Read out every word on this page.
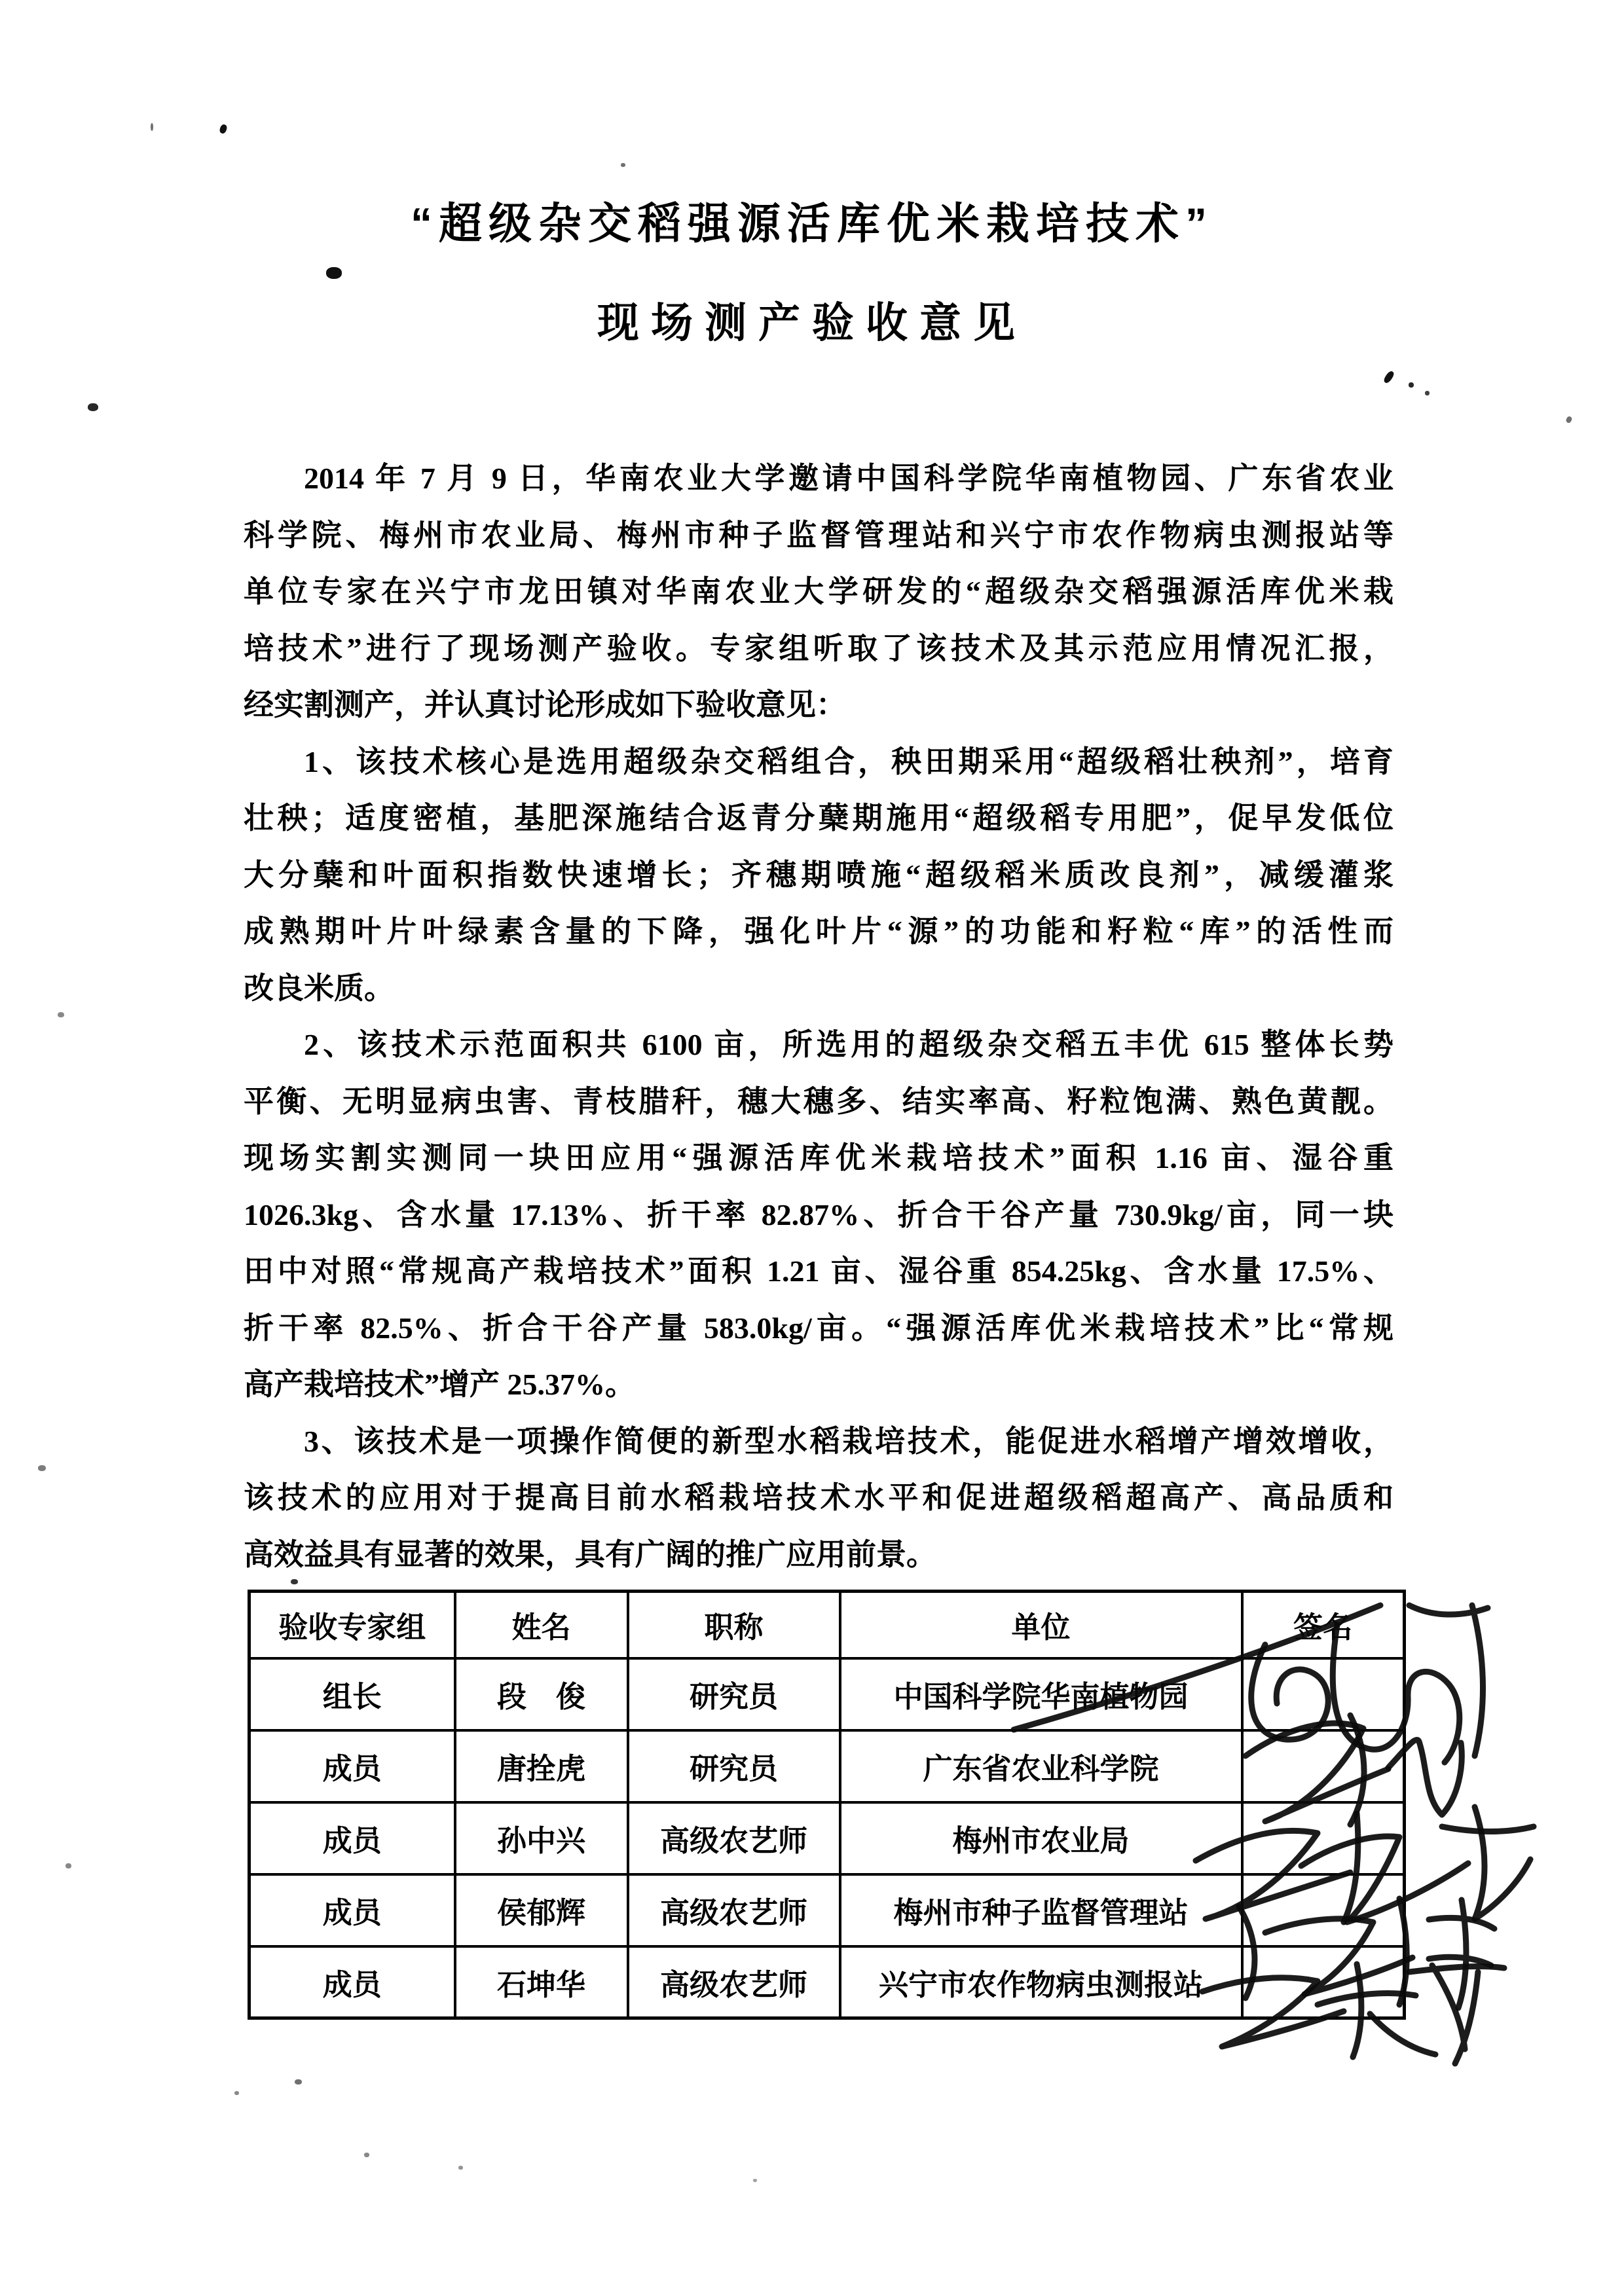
“超级杂交稻强源活库优米栽培技术”
现场测产验收意见
2014 年 7 月 9 日，华南农业大学邀请中国科学院华南植物园、广东省农业
科学院、梅州市农业局、梅州市种子监督管理站和兴宁市农作物病虫测报站等
单位专家在兴宁市龙田镇对华南农业大学研发的“超级杂交稻强源活库优米栽
培技术”进行了现场测产验收。专家组听取了该技术及其示范应用情况汇报，
经实割测产，并认真讨论形成如下验收意见：
1、该技术核心是选用超级杂交稻组合，秧田期采用“超级稻壮秧剂”，培育
壮秧；适度密植，基肥深施结合返青分蘖期施用“超级稻专用肥”，促早发低位
大分蘖和叶面积指数快速增长；齐穗期喷施“超级稻米质改良剂”，减缓灌浆
成熟期叶片叶绿素含量的下降，强化叶片“源”的功能和籽粒“库”的活性而
改良米质。
2、该技术示范面积共 6100 亩，所选用的超级杂交稻五丰优 615 整体长势
平衡、无明显病虫害、青枝腊秆，穗大穗多、结实率高、籽粒饱满、熟色黄靓。
现场实割实测同一块田应用“强源活库优米栽培技术”面积 1.16 亩、湿谷重
1026.3kg、含水量 17.13%、折干率 82.87%、折合干谷产量 730.9kg/亩，同一块
田中对照“常规高产栽培技术”面积 1.21 亩、湿谷重 854.25kg、含水量 17.5%、
折干率 82.5%、折合干谷产量 583.0kg/亩。“强源活库优米栽培技术”比“常规
高产栽培技术”增产 25.37%。
3、该技术是一项操作简便的新型水稻栽培技术，能促进水稻增产增效增收，
该技术的应用对于提高目前水稻栽培技术水平和促进超级稻超高产、高品质和
高效益具有显著的效果，具有广阔的推广应用前景。
验收专家组	姓名	职称	单位	签名
组长	段　俊	研究员	中国科学院华南植物园	
成员	唐拴虎	研究员	广东省农业科学院	
成员	孙中兴	高级农艺师	梅州市农业局	
成员	侯郁辉	高级农艺师	梅州市种子监督管理站	
成员	石坤华	高级农艺师	兴宁市农作物病虫测报站	
